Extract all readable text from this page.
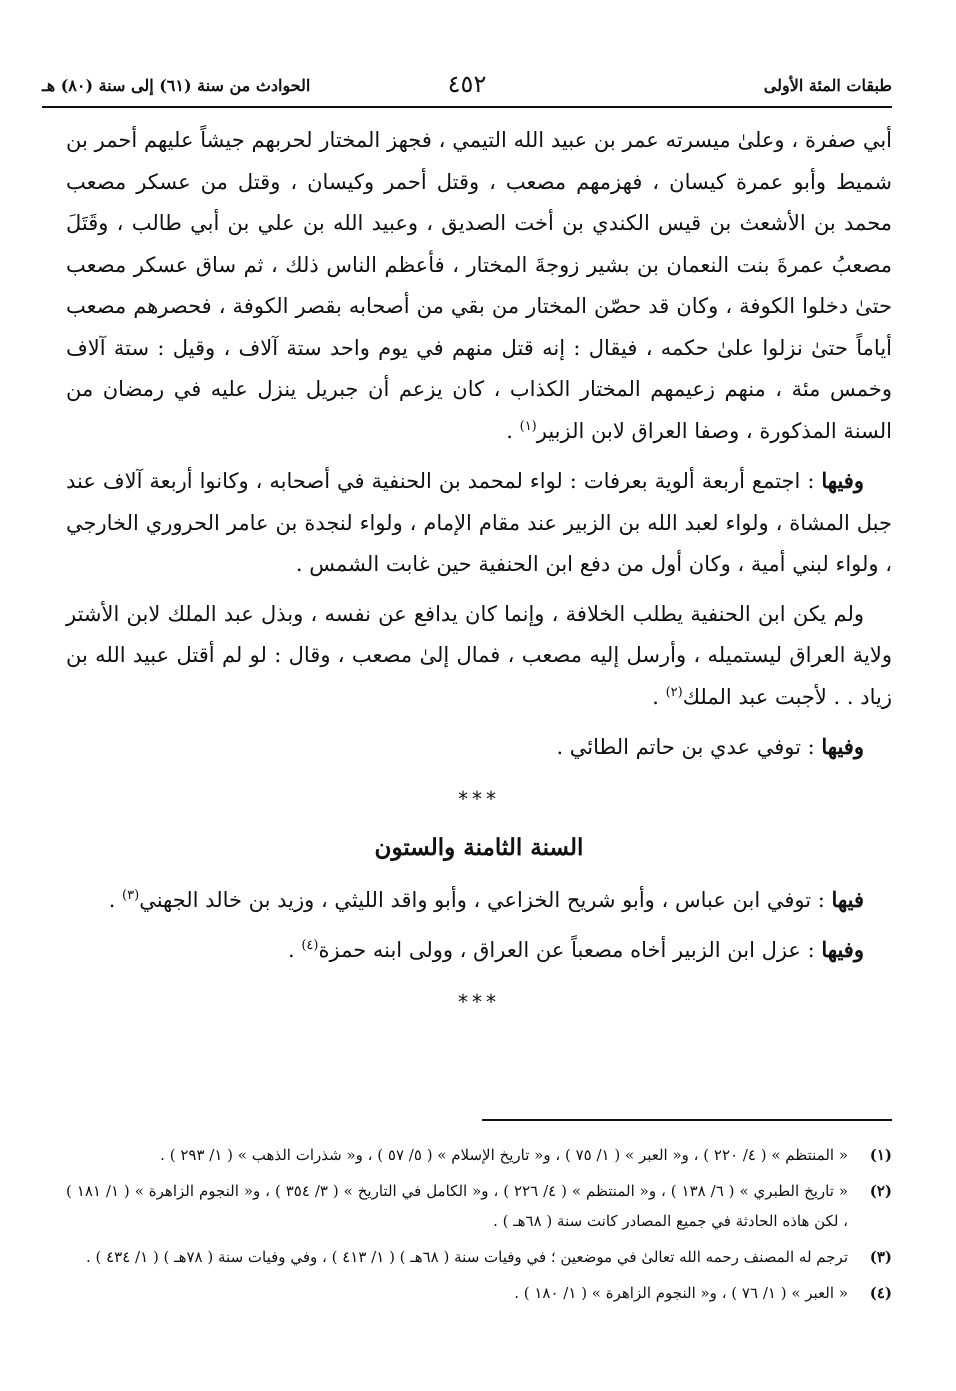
طبقات المئة الأولى
٤٥٢
الحوادث من سنة (٦١) إلى سنة (٨٠) هـ

أبي صفرة ، وعلىٰ ميسرته عمر بن عبيد الله التيمي ، فجهز المختار لحربهم جيشاً عليهم أحمر بن شميط وأبو عمرة كيسان ، فهزمهم مصعب ، وقتل أحمر وكيسان ، وقتل من عسكر مصعب محمد بن الأشعث بن قيس الكندي بن أخت الصديق ، وعبيد الله بن علي بن أبي طالب ، وقَتَلَ مصعبُ عمرةَ بنت النعمان بن بشير زوجةَ المختار ، فأعظم الناس ذلك ، ثم ساق عسكر مصعب حتىٰ دخلوا الكوفة ، وكان قد حصّن المختار من بقي من أصحابه بقصر الكوفة ، فحصرهم مصعب أياماً حتىٰ نزلوا علىٰ حكمه ، فيقال : إنه قتل منهم في يوم واحد ستة آلاف ، وقيل : ستة آلاف وخمس مئة ، منهم زعيمهم المختار الكذاب ، كان يزعم أن جبريل ينزل عليه في رمضان من السنة المذكورة ، وصفا العراق لابن الزبير$^{(١)}$ .

وفيها : اجتمع أربعة ألوية بعرفات : لواء لمحمد بن الحنفية في أصحابه ، وكانوا أربعة آلاف عند جبل المشاة ، ولواء لعبد الله بن الزبير عند مقام الإمام ، ولواء لنجدة بن عامر الحروري الخارجي ، ولواء لبني أمية ، وكان أول من دفع ابن الحنفية حين غابت الشمس .

ولم يكن ابن الحنفية يطلب الخلافة ، وإنما كان يدافع عن نفسه ، وبذل عبد الملك لابن الأشتر ولاية العراق ليستميله ، وأرسل إليه مصعب ، فمال إلىٰ مصعب ، وقال : لو لم أقتل عبيد الله بن زياد . . لأجبت عبد الملك$^{(٢)}$ .

وفيها : توفي عدي بن حاتم الطائي .

***
السنة الثامنة والستون

فيها : توفي ابن عباس ، وأبو شريح الخزاعي ، وأبو واقد الليثي ، وزيد بن خالد الجهني$^{(٣)}$ .

وفيها : عزل ابن الزبير أخاه مصعباً عن العراق ، وولى ابنه حمزة$^{(٤)}$ .

***
(١)
« المنتظم » ( ٤/ ٢٢٠ ) ، و« العبر » ( ١/ ٧٥ ) ، و« تاريخ الإسلام » ( ٥/ ٥٧ ) ، و« شذرات الذهب » ( ١/ ٢٩٣ ) .
(٢)
« تاريخ الطبري » ( ٦/ ١٣٨ ) ، و« المنتظم » ( ٤/ ٢٢٦ ) ، و« الكامل في التاريخ » ( ٣/ ٣٥٤ ) ، و« النجوم الزاهرة » ( ١/ ١٨١ ) ، لكن هاذه الحادثة في جميع المصادر كانت سنة ( ٦٨هـ ) .
(٣)
ترجم له المصنف رحمه الله تعالىٰ في موضعين ؛ في وفيات سنة ( ٦٨هـ ) ( ١/ ٤١٣ ) ، وفي وفيات سنة ( ٧٨هـ ) ( ١/ ٤٣٤ ) .
(٤)
« العبر » ( ١/ ٧٦ ) ، و« النجوم الزاهرة » ( ١/ ١٨٠ ) .
